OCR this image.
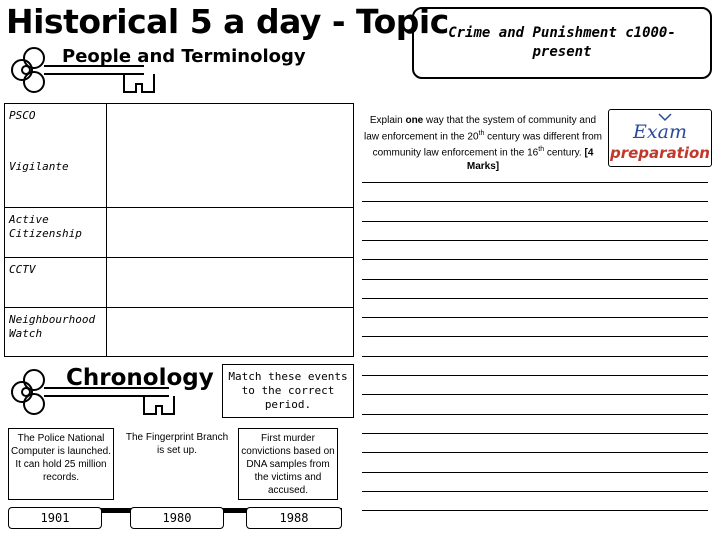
Historical 5 a day - Topic
People and Terminology
Crime and Punishment c1000-present
PSCO
Vigilante
Active Citizenship
CCTV
Neighbourhood Watch
Chronology	Match these events to the correct period.
The Police National Computer is launched. It can hold 25 million records.
The Fingerprint Branch is set up.
First murder convictions based on DNA samples from the victims and accused.
1901	1980	1988
Explain one way that the system of community and law enforcement in the 20th century was different from community law enforcement in the 16th century. [4 Marks]
Exam
preparation
